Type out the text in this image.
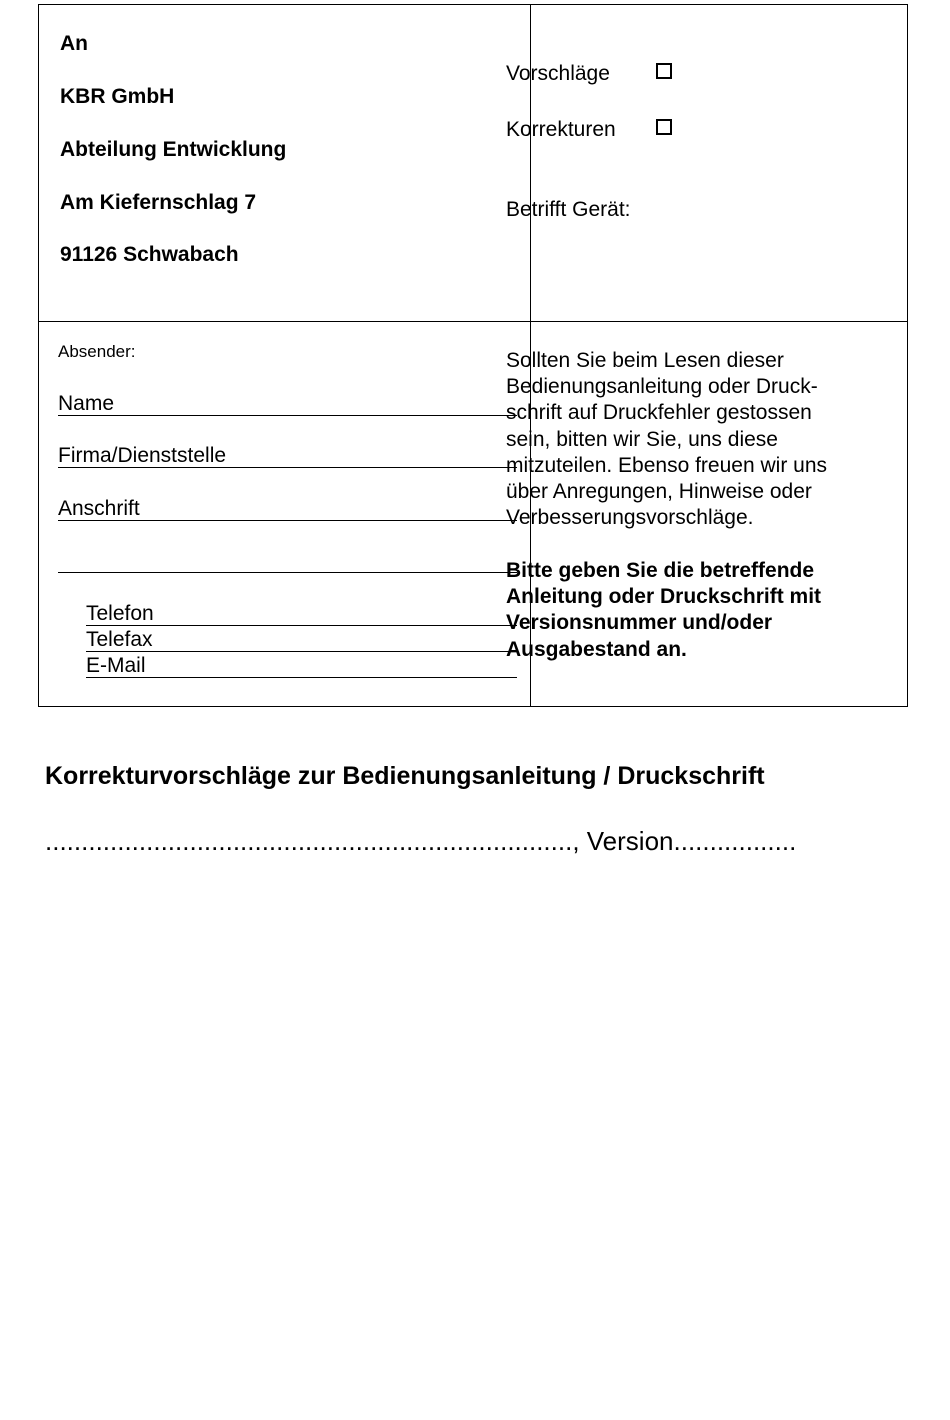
An
KBR GmbH
Abteilung Entwicklung
Am Kiefernschlag 7
91126 Schwabach
Vorschläge
Korrekturen
Betrifft Gerät:
Absender:
Name
Firma/Dienststelle
Anschrift
Telefon
Telefax
E-Mail
Sollten Sie beim Lesen dieser
Bedienungsanleitung oder Druck-
schrift auf Druckfehler gestossen
sein, bitten wir Sie, uns diese
mitzuteilen. Ebenso freuen wir uns
über Anregungen, Hinweise oder
Verbesserungsvorschläge.
Bitte geben Sie die betreffende
Anleitung oder Druckschrift mit
Versionsnummer und/oder
Ausgabestand an.
Korrekturvorschläge zur Bedienungsanleitung / Druckschrift
........................................................................., Version.................
